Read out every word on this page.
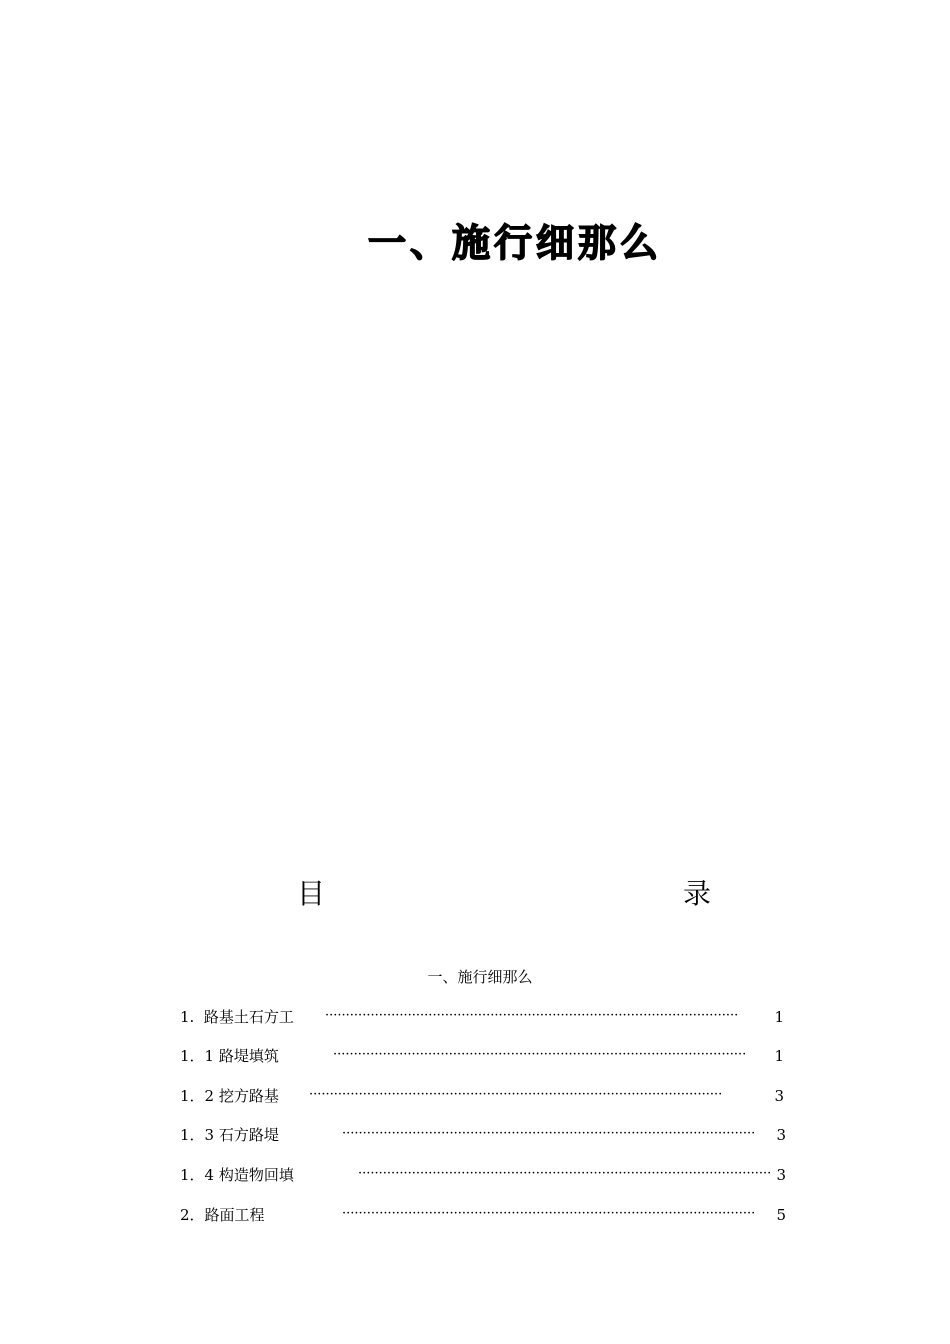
一、施行细那么
目	录
一、施行细那么
1.  路基土石方工 ····································································································	1
1．1 路堤填筑	····································································································	1
1．2 挖方路基 ····································································································	3
1．3 石方路堤	····································································································	3
1．4 构造物回填	···································································································· 3
2．路面工程	····································································································	5
